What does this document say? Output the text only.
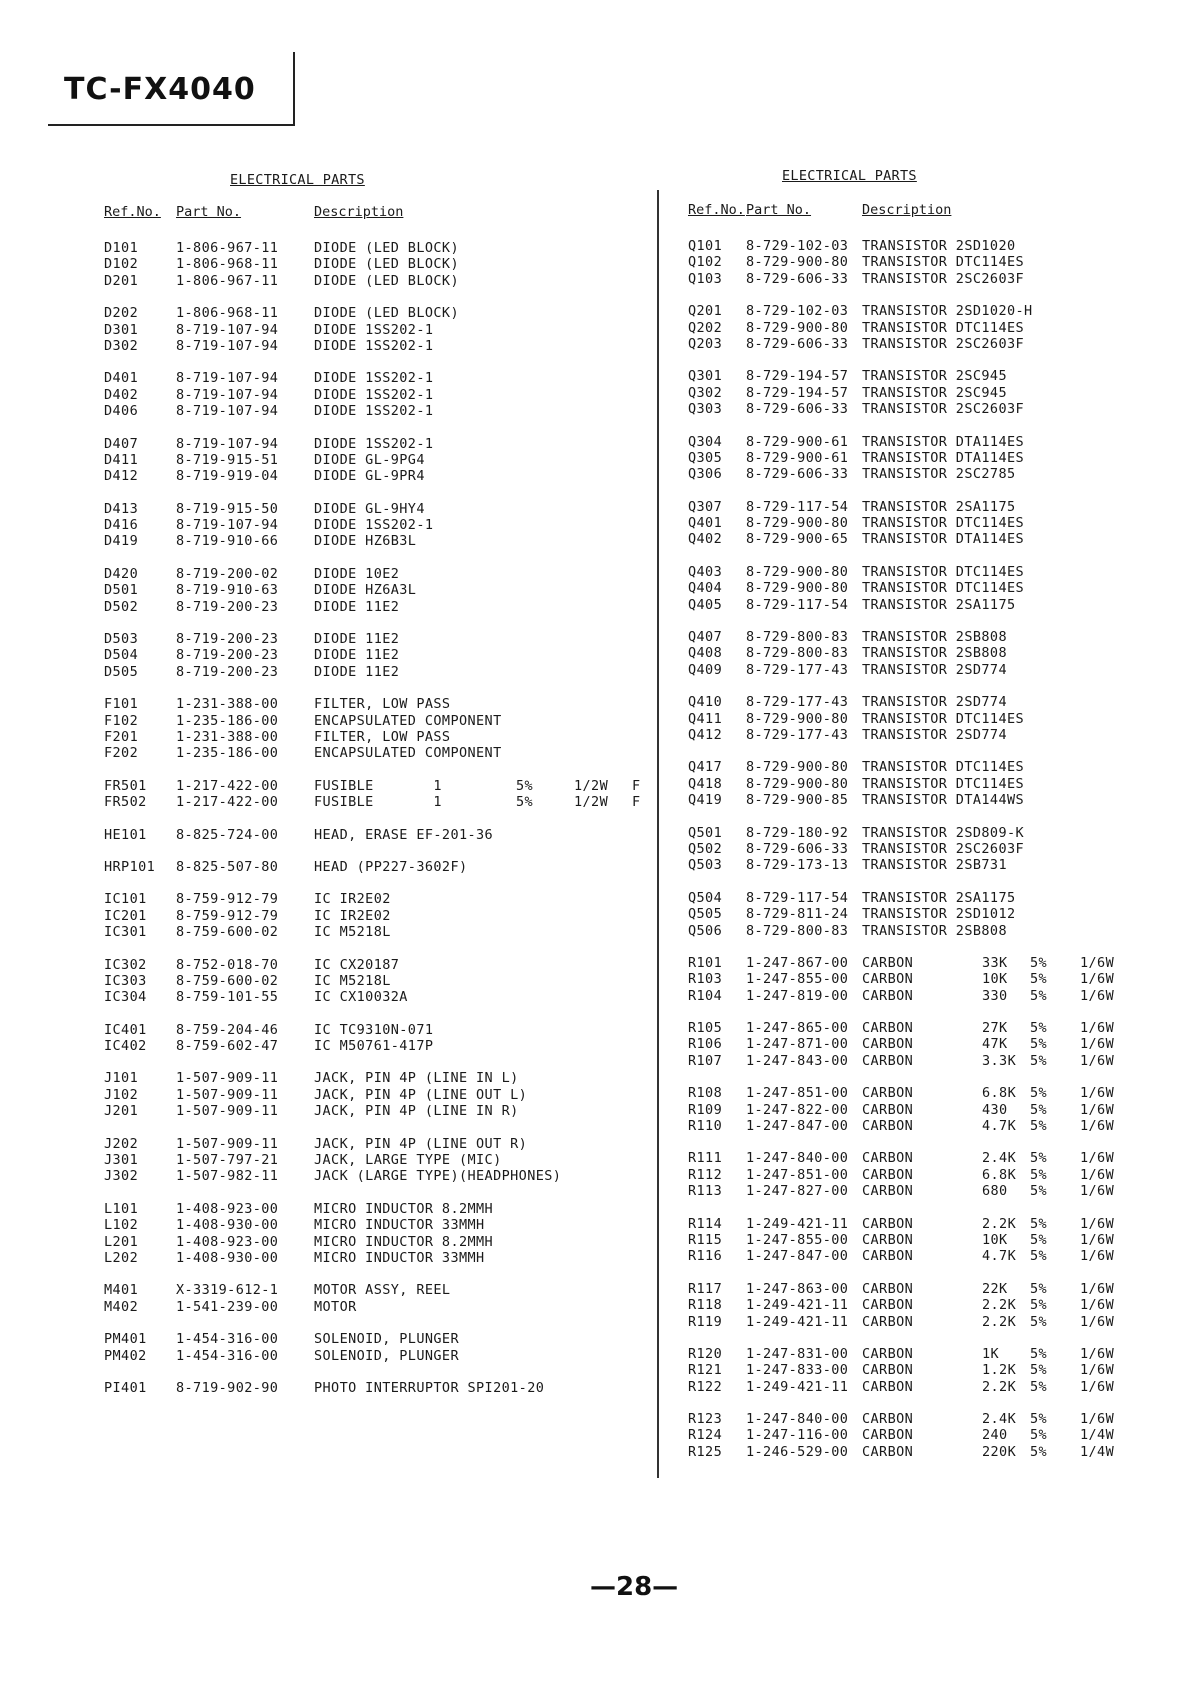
TC-FX4040
ELECTRICAL PARTS
Ref.No. Part No.	Description
D101	1-806-967-11	DIODE (LED BLOCK)
D102	1-806-968-11	DIODE (LED BLOCK)
D201	1-806-967-11	DIODE (LED BLOCK)
D202	1-806-968-11	DIODE (LED BLOCK)
D301	8-719-107-94	DIODE 1SS202-1
D302	8-719-107-94	DIODE 1SS202-1
D401	8-719-107-94	DIODE 1SS202-1
D402	8-719-107-94	DIODE 1SS202-1
D406	8-719-107-94	DIODE 1SS202-1
D407	8-719-107-94	DIODE 1SS202-1
D411	8-719-915-51	DIODE GL-9PG4
D412	8-719-919-04	DIODE GL-9PR4
D413	8-719-915-50	DIODE GL-9HY4
D416	8-719-107-94	DIODE 1SS202-1
D419	8-719-910-66	DIODE HZ6B3L
D420	8-719-200-02	DIODE 10E2
D501	8-719-910-63	DIODE HZ6A3L
D502	8-719-200-23	DIODE 11E2
D503	8-719-200-23	DIODE 11E2
D504	8-719-200-23	DIODE 11E2
D505	8-719-200-23	DIODE 11E2
F101	1-231-388-00	FILTER, LOW PASS
F102	1-235-186-00	ENCAPSULATED COMPONENT
F201	1-231-388-00	FILTER, LOW PASS
F202	1-235-186-00	ENCAPSULATED COMPONENT
FR501 1-217-422-00	FUSIBLE       1	5%	1/2W F
FR502 1-217-422-00	FUSIBLE       1	5%	1/2W F
HE101 8-825-724-00	HEAD, ERASE EF-201-36
HRP101 8-825-507-80	HEAD (PP227-3602F)
IC101 8-759-912-79	IC IR2E02
IC201 8-759-912-79	IC IR2E02
IC301 8-759-600-02	IC M5218L
IC302 8-752-018-70	IC CX20187
IC303 8-759-600-02	IC M5218L
IC304 8-759-101-55	IC CX10032A
IC401 8-759-204-46	IC TC9310N-071
IC402 8-759-602-47	IC M50761-417P
J101	1-507-909-11	JACK, PIN 4P (LINE IN L)
J102	1-507-909-11	JACK, PIN 4P (LINE OUT L)
J201	1-507-909-11	JACK, PIN 4P (LINE IN R)
J202	1-507-909-11	JACK, PIN 4P (LINE OUT R)
J301	1-507-797-21	JACK, LARGE TYPE (MIC)
J302	1-507-982-11	JACK (LARGE TYPE)(HEADPHONES)
L101	1-408-923-00	MICRO INDUCTOR 8.2MMH
L102	1-408-930-00	MICRO INDUCTOR 33MMH
L201	1-408-923-00	MICRO INDUCTOR 8.2MMH
L202	1-408-930-00	MICRO INDUCTOR 33MMH
M401	X-3319-612-1	MOTOR ASSY, REEL
M402	1-541-239-00	MOTOR
PM401 1-454-316-00	SOLENOID, PLUNGER
PM402 1-454-316-00	SOLENOID, PLUNGER
PI401 8-719-902-90	PHOTO INTERRUPTOR SPI201-20
ELECTRICAL PARTS
Ref.No. Part No.	Description
Q101 8-729-102-03 TRANSISTOR 2SD1020
Q102 8-729-900-80 TRANSISTOR DTC114ES
Q103 8-729-606-33 TRANSISTOR 2SC2603F
Q201 8-729-102-03 TRANSISTOR 2SD1020-H
Q202 8-729-900-80 TRANSISTOR DTC114ES
Q203 8-729-606-33 TRANSISTOR 2SC2603F
Q301 8-729-194-57 TRANSISTOR 2SC945
Q302 8-729-194-57 TRANSISTOR 2SC945
Q303 8-729-606-33 TRANSISTOR 2SC2603F
Q304 8-729-900-61 TRANSISTOR DTA114ES
Q305 8-729-900-61 TRANSISTOR DTA114ES
Q306 8-729-606-33 TRANSISTOR 2SC2785
Q307 8-729-117-54 TRANSISTOR 2SA1175
Q401 8-729-900-80 TRANSISTOR DTC114ES
Q402 8-729-900-65 TRANSISTOR DTA114ES
Q403 8-729-900-80 TRANSISTOR DTC114ES
Q404 8-729-900-80 TRANSISTOR DTC114ES
Q405 8-729-117-54 TRANSISTOR 2SA1175
Q407 8-729-800-83 TRANSISTOR 2SB808
Q408 8-729-800-83 TRANSISTOR 2SB808
Q409 8-729-177-43 TRANSISTOR 2SD774
Q410 8-729-177-43 TRANSISTOR 2SD774
Q411 8-729-900-80 TRANSISTOR DTC114ES
Q412 8-729-177-43 TRANSISTOR 2SD774
Q417 8-729-900-80 TRANSISTOR DTC114ES
Q418 8-729-900-80 TRANSISTOR DTC114ES
Q419 8-729-900-85 TRANSISTOR DTA144WS
Q501 8-729-180-92 TRANSISTOR 2SD809-K
Q502 8-729-606-33 TRANSISTOR 2SC2603F
Q503 8-729-173-13 TRANSISTOR 2SB731
Q504 8-729-117-54 TRANSISTOR 2SA1175
Q505 8-729-811-24 TRANSISTOR 2SD1012
Q506 8-729-800-83 TRANSISTOR 2SB808
R101 1-247-867-00 CARBON	33K 5% 1/6W
R103 1-247-855-00 CARBON	10K 5% 1/6W
R104 1-247-819-00 CARBON	330 5% 1/6W
R105 1-247-865-00 CARBON	27K 5% 1/6W
R106 1-247-871-00 CARBON	47K 5% 1/6W
R107 1-247-843-00 CARBON	3.3K 5% 1/6W
R108 1-247-851-00 CARBON	6.8K 5% 1/6W
R109 1-247-822-00 CARBON	430 5% 1/6W
R110 1-247-847-00 CARBON	4.7K 5% 1/6W
R111 1-247-840-00 CARBON	2.4K 5% 1/6W
R112 1-247-851-00 CARBON	6.8K 5% 1/6W
R113 1-247-827-00 CARBON	680 5% 1/6W
R114 1-249-421-11 CARBON	2.2K 5% 1/6W
R115 1-247-855-00 CARBON	10K 5% 1/6W
R116 1-247-847-00 CARBON	4.7K 5% 1/6W
R117 1-247-863-00 CARBON	22K 5% 1/6W
R118 1-249-421-11 CARBON	2.2K 5% 1/6W
R119 1-249-421-11 CARBON	2.2K 5% 1/6W
R120 1-247-831-00 CARBON	1K 5% 1/6W
R121 1-247-833-00 CARBON	1.2K 5% 1/6W
R122 1-249-421-11 CARBON	2.2K 5% 1/6W
R123 1-247-840-00 CARBON	2.4K 5% 1/6W
R124 1-247-116-00 CARBON	240 5% 1/4W
R125 1-246-529-00 CARBON	220K 5% 1/4W
—28—
